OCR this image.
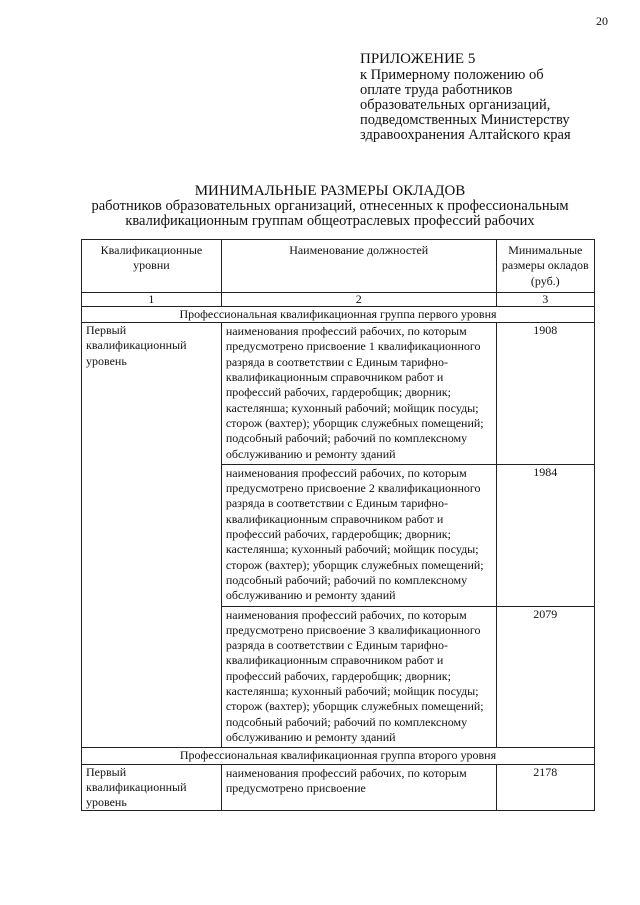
20
ПРИЛОЖЕНИЕ 5
к Примерному положению об
оплате труда работников
образовательных организаций,
подведомственных Министерству
здравоохранения Алтайского края
МИНИМАЛЬНЫЕ РАЗМЕРЫ ОКЛАДОВ
работников образовательных организаций, отнесенных к профессиональным
квалификационным группам общеотраслевых профессий рабочих
Квалификационные уровни	Наименование должностей	Минимальные размеры окладов (руб.)
1	2	3
Профессиональная квалификационная группа первого уровня		
Первый квалификационный уровень	наименования профессий рабочих, по которым предусмотрено присвоение 1 квалификационного разряда в соответствии с Единым тарифно-квалификационным справочником работ и профессий рабочих, гардеробщик; дворник; кастелянша; кухонный рабочий; мойщик посуды; сторож (вахтер); уборщик служебных помещений; подсобный рабочий; рабочий по комплексному обслуживанию и ремонту зданий	1908
	наименования профессий рабочих, по которым предусмотрено присвоение 2 квалификационного разряда в соответствии с Единым тарифно-квалификационным справочником работ и профессий рабочих, гардеробщик; дворник; кастелянша; кухонный рабочий; мойщик посуды; сторож (вахтер); уборщик служебных помещений; подсобный рабочий; рабочий по комплексному обслуживанию и ремонту зданий	1984
	наименования профессий рабочих, по которым предусмотрено присвоение 3 квалификационного разряда в соответствии с Единым тарифно-квалификационным справочником работ и профессий рабочих, гардеробщик; дворник; кастелянша; кухонный рабочий; мойщик посуды; сторож (вахтер); уборщик служебных помещений; подсобный рабочий; рабочий по комплексному обслуживанию и ремонту зданий	2079
Профессиональная квалификационная группа второго уровня		
Первый квалификационный уровень	наименования профессий рабочих, по которым предусмотрено присвоение	2178
